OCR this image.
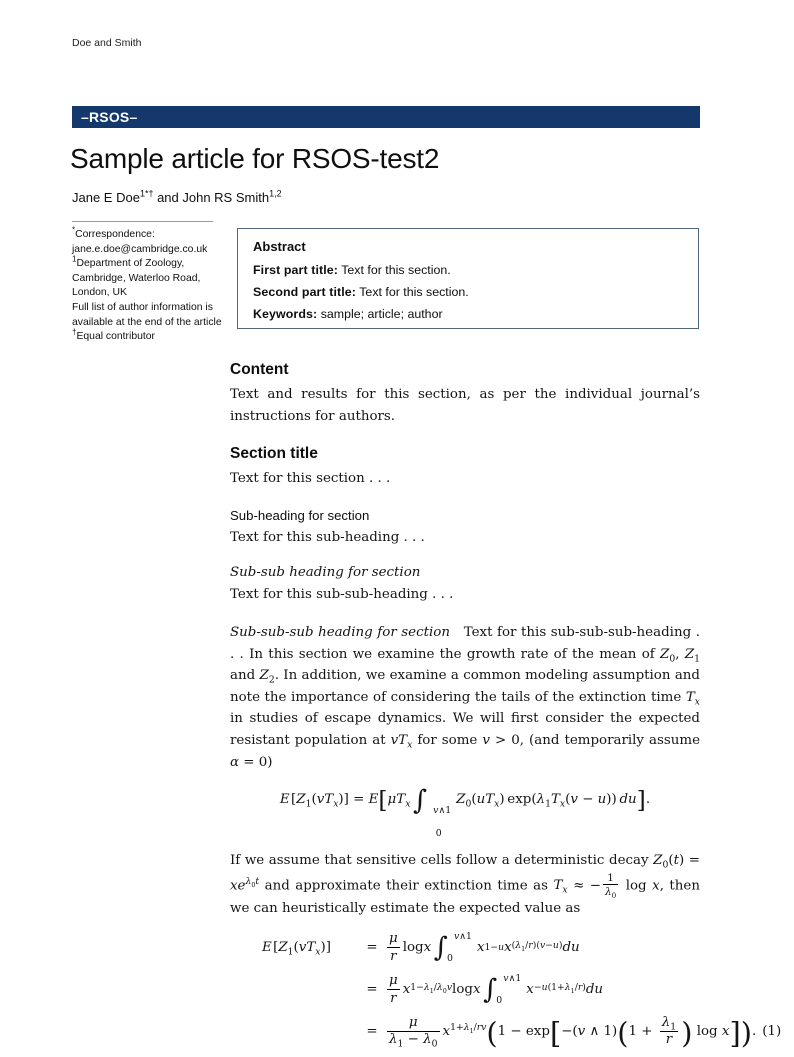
Doe and Smith
–RSOS–
Sample article for RSOS-test2
Jane E Doe$^{1*\dagger}$ and John RS Smith$^{1,2}$
*Correspondence:
jane.e.doe@cambridge.co.uk
$^1$Department of Zoology,
Cambridge, Waterloo Road,
London, UK
Full list of author information is
available at the end of the article
†Equal contributor
Abstract
First part title: Text for this section.
Second part title: Text for this section.
Keywords: sample; article; author
Content
Text and results for this section, as per the individual journal’s instructions for authors.
Section title
Text for this section . . .
Sub-heading for section
Text for this sub-heading . . .
Sub-sub heading for section
Text for this sub-sub-heading . . .
Sub-sub-sub heading for section   Text for this sub-sub-sub-heading . . . In this section we examine the growth rate of the mean of $Z_0$, $Z_1$ and $Z_2$. In addition, we examine a common modeling assumption and note the importance of considering the tails of the extinction time $T_x$ in studies of escape dynamics. We will first consider the expected resistant population at $vT_x$ for some v > 0, (and temporarily assume α = 0)
E $[Z_1(vT_x)] = E[\mu T_x$ ∫ v∧1
0
$Z_0(uT_x) \exp(\lambda_1T_x(v - u))$  du].
If we assume that sensitive cells follow a deterministic decay $Z_0(t) = xe^{\lambda_0t}$ and approximate their extinction time as $T_x$ ≈ − $\frac{1}{\lambda_0}$ log x, then we can heuristically estimate the expected value as
E $[Z_1(vT_x)]$	= $\frac{\mu}{r}$ log x
  ∫ v∧1
0
x 1−u x $(\lambda_1/r)(v-u)$ du
= $\frac{\mu}{r}$ x $1-\lambda_1/\lambda_0v$ log x
  ∫ v∧1
0
$x -u(1+\lambda_1/r)$ du
= $\frac{\mu}{\lambda_1 - \lambda_0} x^{1+\lambda_1/rv}(1 - \exp[-(v$ ∧ $1)(1 + \frac{\lambda_1}{r}$ ) log x]). (1)
